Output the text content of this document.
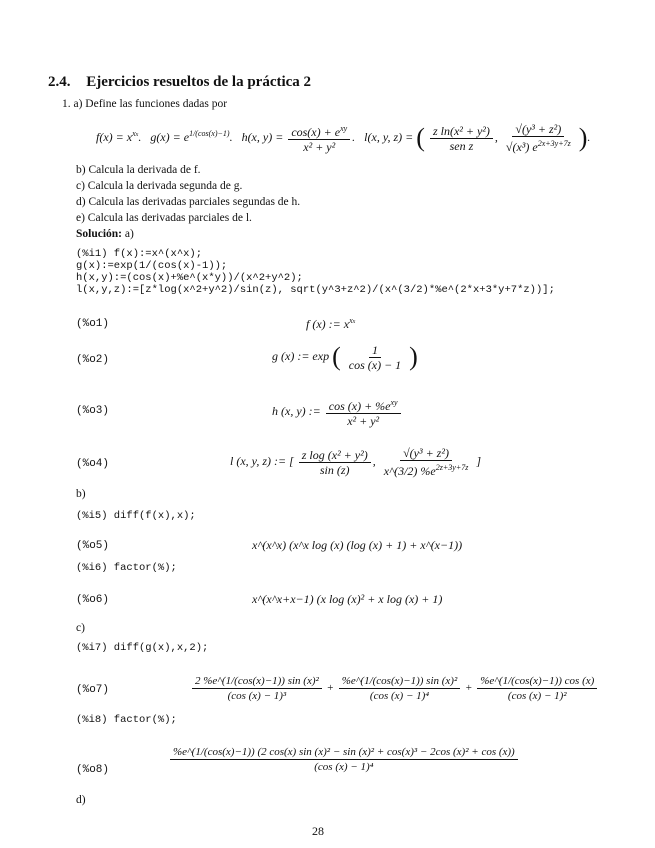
2.4. Ejercicios resueltos de la práctica 2
1. a) Define las funciones dadas por
$f(x) = x^{xx}$.   $g(x) = e^{1/(cos(x)-1)}$.   h(x, $y) = \frac{\cos(x) + e^{xy}}{\text{x² + y²}}$ .   l(x, y, z) = ( $\frac{\text{z ln(x² + y²)}}{\text{sen z}}$ , $\frac{\text{√(y³ + z²)}}{√(x^3) e^{2x+3y+7z}}$ ).
b) Calcula la derivada de f.
c) Calcula la derivada segunda de g.
d) Calcula las derivadas parciales segundas de h.
e) Calcula las derivadas parciales de l.
Solución: a)
(%i1) f(x):=x^(x^x);
g(x):=exp(1/(cos(x)-1));
h(x,y):=(cos(x)+%e^(x*y))/(x^2+y^2);
l(x,y,z):=[z*log(x^2+y^2)/sin(z), sqrt(y^3+z^2)/(x^(3/2)*%e^(2*x+3*y+7*z))];
(%o1)	f (x) := $x^{xx}$
(%o2)	g (x) := exp ( $\frac{1}{\cos (x) - 1}$ )
(%o3)	h (x, y) := $\frac{\cos (x) + \%e^{xy}}{\text{x² + y²}}$
(%o4)	l (x, y, z) := [ $\frac{\text{z log (x² + y²)}}{\sin (z)}$ , $\frac{\text{√(y³ + z²)}}{x\^{}(3/2) \%e^{2z+3y+7z}}$ ]
b)
(%i5) diff(f(x),x);
(%o5)	x^(x^x) (x^x log (x) (log (x) + 1) + x^(x−1))
(%i6) factor(%);
(%o6)	x^(x^x+x−1) (x log (x)² + x log (x) + 1)
c)
(%i7) diff(g(x),x,2);
(%o7)	$\frac{\text{2 \%e\textasciicircum{}(1/(cos(x)−1)) sin (x)²}}{\text{(cos (x) − 1)³}} + \frac{\text{\%e\textasciicircum{}(1/(cos(x)−1)) sin (x)²}}{\text{(cos (x) − 1)⁴}} + \frac{\%e\^{}(1/(\cos(x)-1)) \cos (x)}{\text{(cos (x) − 1)²}}$
(%i8) factor(%);
(%o8)
%e^(1/(cos(x)−1)) (2 cos(x) sin (x)² − sin (x)² + cos(x)³ − 2cos (x)² + cos (x))
(cos (x) − 1)⁴
d)
28
